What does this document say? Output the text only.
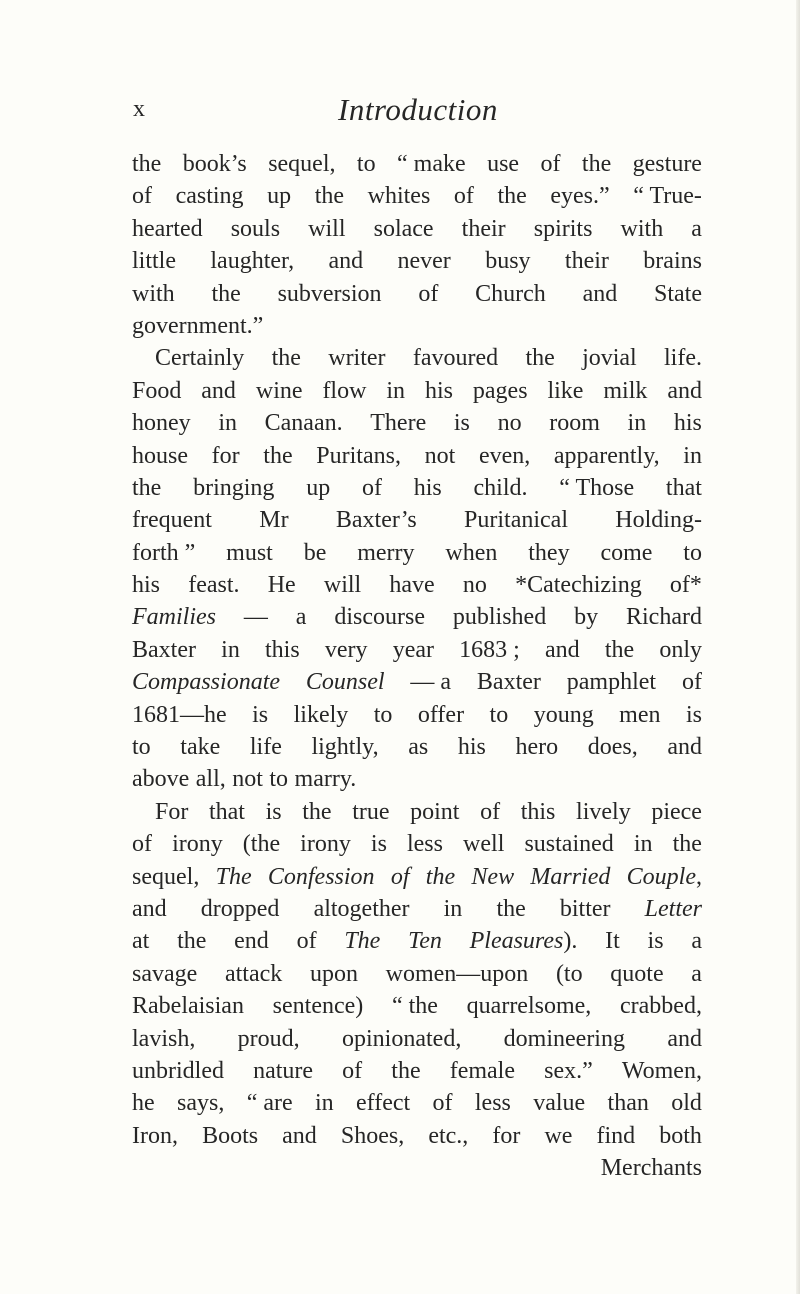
x	Introduction
the book’s sequel, to “ make use of the gesture
of casting up the whites of the eyes.” “ True-
hearted souls will solace their spirits with a
little laughter, and never busy their brains
with the subversion of Church and State
government.”
Certainly the writer favoured the jovial life.
Food and wine flow in his pages like milk and
honey in Canaan. There is no room in his
house for the Puritans, not even, apparently, in
the bringing up of his child. “ Those that
frequent Mr Baxter’s Puritanical Holding-
forth ” must be merry when they come to
his feast. He will have no *Catechizing of*
Families — a discourse published by Richard
Baxter in this very year 1683 ; and the only
Compassionate Counsel — a Baxter pamphlet of
1681—he is likely to offer to young men is
to take life lightly, as his hero does, and
above all, not to marry.
For that is the true point of this lively piece
of irony (the irony is less well sustained in the
sequel, The Confession of the New Married Couple,
and dropped altogether in the bitter Letter
at the end of The Ten Pleasures). It is a
savage attack upon women—upon (to quote a
Rabelaisian sentence) “ the quarrelsome, crabbed,
lavish, proud, opinionated, domineering and
unbridled nature of the female sex.” Women,
he says, “ are in effect of less value than old
Iron, Boots and Shoes, etc., for we find both
Merchants
